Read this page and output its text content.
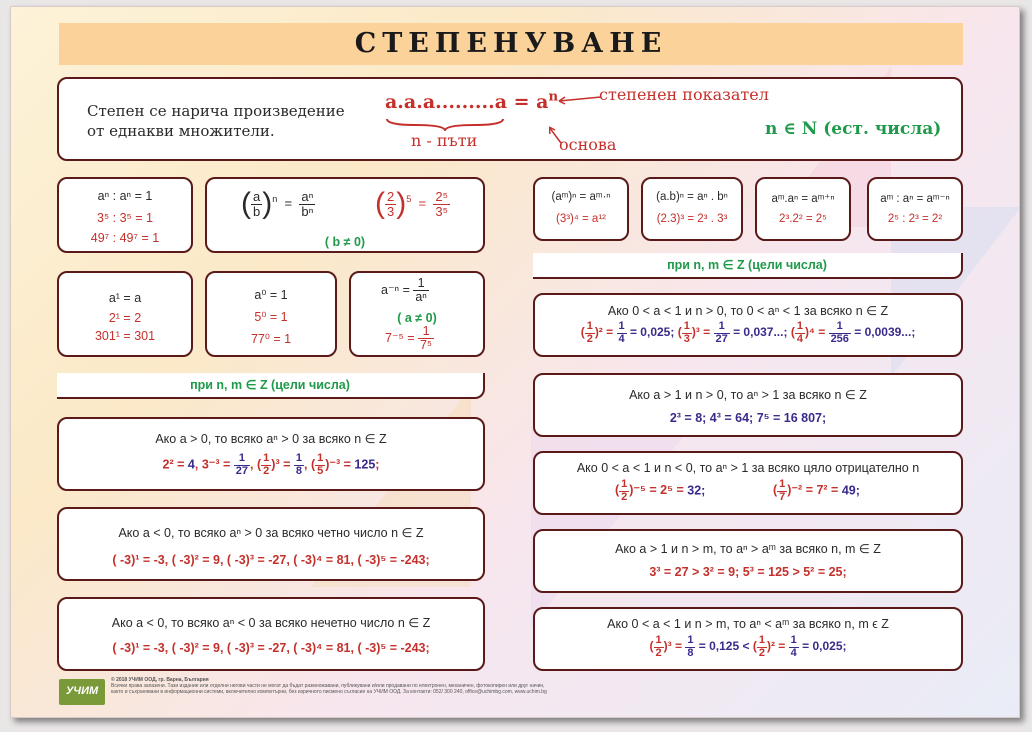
СТЕПЕНУВАНЕ
Степен се нарича произведение
от еднакви множители.
$a.a.a.........a = a^n$
n - пъти
степенен показател
основа
n ∈ N (ест. числа)
aⁿ : aⁿ = 1
3⁵ : 3⁵ = 1
49⁷ : 49⁷ = 1
( $\frac{a}{b} )^n = \frac{\text{aⁿ}}{\text{bⁿ}}$ ( $\frac{2}{3} )^5 = \frac{\text{2⁵}}{\text{3⁵}}$
( b ≠ 0)
a¹ = a
2¹ = 2
301¹ = 301
a⁰ = 1
5⁰ = 1
77⁰ = 1
$a^{-n} = \frac{1}{\text{aⁿ}}$
( a ≠ 0)
$7^{-5} = \frac{1}{\text{7⁵}}$
при n, m ∈ Z (цели числа)
Ако a > 0, то всяко aⁿ > 0 за всяко n ∈ Z
2² = 4, $3^{-3} = \frac{1}{27}$ , ( $\frac{1}{2} )^3 = \frac{1}{8}$ , ( $\frac{1}{5} )^{-3} = 125$;
Ако a < 0, то всяко aⁿ > 0 за всяко четно число n ∈ Z
( -3)¹ = -3, ( -3)² = 9, ( -3)³ = -27, ( -3)⁴ = 81, ( -3)⁵ = -243;
Ако a < 0, то всяко aⁿ < 0 за всяко нечетно число n ∈ Z
( -3)¹ = -3, ( -3)² = 9, ( -3)³ = -27, ( -3)⁴ = 81, ( -3)⁵ = -243;
(aᵐ)ⁿ = aᵐ·ⁿ
(3³)⁴ = a¹²
(a.b)ⁿ = aⁿ . bⁿ
(2.3)³ = 2³ . 3³
aᵐ.aⁿ = aᵐ⁺ⁿ
2³.2² = 2⁵
aᵐ : aⁿ = aᵐ⁻ⁿ
2⁵ : 2³ = 2²
при n, m ∈ Z (цели числа)
Ако 0 < a < 1 и n > 0, то 0 < aⁿ < 1 за всяко n ∈ Z
( $\frac{1}{2} )^2 = \frac{1}{4} = 0,025$; ( $\frac{1}{3} )^3 = \frac{1}{27} = 0,037$...; ( $\frac{1}{4} )^4 = \frac{1}{256} = 0,0039$...;
Ако a > 1 и n > 0, то aⁿ > 1 за всяко n ∈ Z
2³ = 8; 4³ = 64; 7⁵ = 16 807;
Ако 0 < a < 1 и n < 0, то aⁿ > 1 за всяко цяло отрицателно n
( $\frac{1}{2} )^{-5} = 2^5 = 32$;	( $\frac{1}{7} )^{-2} = 7^2 = 49$;
Ако a > 1 и n > m, то aⁿ > aᵐ за всяко n, m ∈ Z
3³ = 27 > 3² = 9; 5³ = 125 > 5² = 25;
Ако 0 < a < 1 и n > m, то aⁿ < aᵐ за всяко n, m ϵ Z
( $\frac{1}{2} )^3 = \frac{1}{8} = 0,125$ < ( $\frac{1}{2} )^2 = \frac{1}{4} = 0,025$;
УЧИМ
© 2018 УЧИМ ООД, гр. Варна, България
Всички права запазени. Тази издание или отделни негови части не могат да бъдат размножавани, публикувани и/или продавани по електронен, механичен, фотокопирен или друг начин,
както и съхранявани в информационни системи, включително компютърни, без изричното писмено съгласие на УЧИМ ООД. За контакти: 052/ 300 240, office@uchimbg.com, www.uchim.bg
